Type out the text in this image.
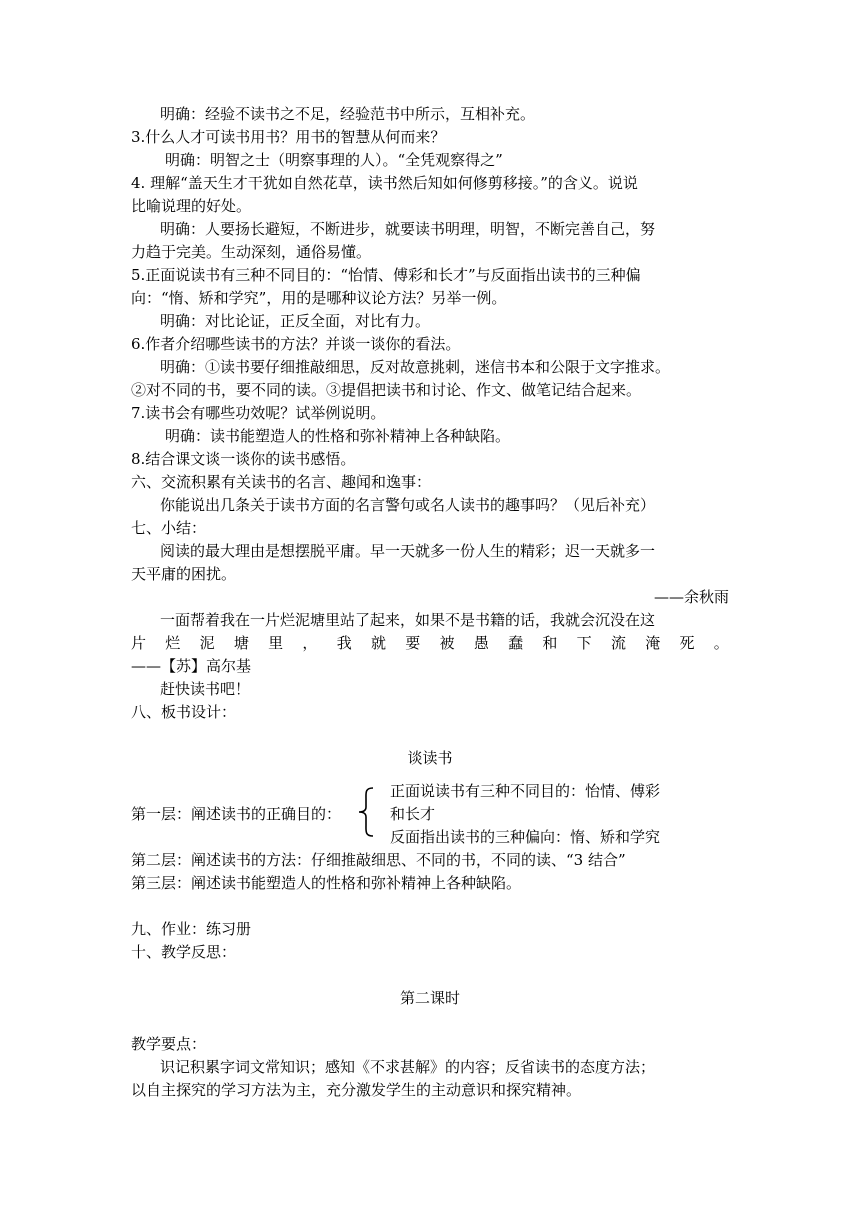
明确：经验不读书之不足，经验范书中所示，互相补充。
3.什么人才可读书用书？用书的智慧从何而来？
明确：明智之士（明察事理的人）。“全凭观察得之”
4. 理解“盖天生才干犹如自然花草，读书然后知如何修剪移接。”的含义。说说
比喻说理的好处。
明确：人要扬长避短，不断进步，就要读书明理，明智，不断完善自己，努
力趋于完美。生动深刻，通俗易懂。
5.正面说读书有三种不同目的：“怡情、傅彩和长才”与反面指出读书的三种偏
向：“惰、矫和学究”，用的是哪种议论方法？另举一例。
明确：对比论证，正反全面，对比有力。
6.作者介绍哪些读书的方法？并谈一谈你的看法。
明确：①读书要仔细推敲细思，反对故意挑刺，迷信书本和公限于文字推求。
②对不同的书，要不同的读。③提倡把读书和讨论、作文、做笔记结合起来。
7.读书会有哪些功效呢？试举例说明。
明确：读书能塑造人的性格和弥补精神上各种缺陷。
8.结合课文谈一谈你的读书感悟。
六、交流积累有关读书的名言、趣闻和逸事：
你能说出几条关于读书方面的名言警句或名人读书的趣事吗？（见后补充）
七、小结：
阅读的最大理由是想摆脱平庸。早一天就多一份人生的精彩；迟一天就多一
天平庸的困扰。
——余秋雨
一面帮着我在一片烂泥塘里站了起来，如果不是书籍的话，我就会沉没在这
片 烂 泥 塘 里 ， 我 就 要 被 愚 蠢 和 下 流 淹 死 。
——【苏】高尔基
赶快读书吧！
八、板书设计：
谈读书
第一层：阐述读书的正确目的：
正面说读书有三种不同目的：怡情、傅彩
和长才
反面指出读书的三种偏向：惰、矫和学究
第二层：阐述读书的方法：仔细推敲细思、不同的书，不同的读、“3 结合”
第三层：阐述读书能塑造人的性格和弥补精神上各种缺陷。
九、作业：练习册
十、教学反思：
第二课时
教学要点：
识记积累字词文常知识；感知《不求甚解》的内容；反省读书的态度方法；
以自主探究的学习方法为主，充分激发学生的主动意识和探究精神。
